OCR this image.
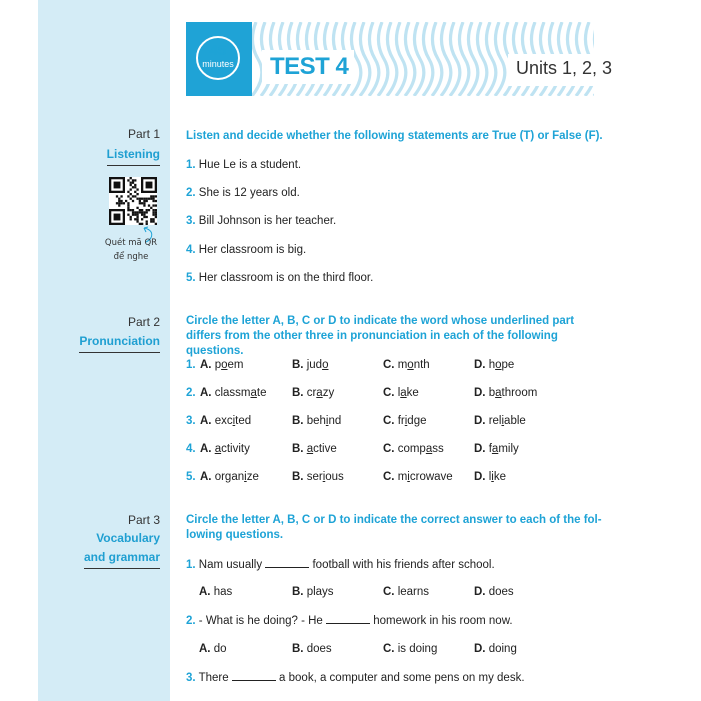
45
minutes TEST 4	Units 1, 2, 3
Part 1
Listening
Quét mã QR để nghe
Listen and decide whether the following statements are True (T) or False (F).
1. Hue Le is a student.
2. She is 12 years old.
3. Bill Johnson is her teacher.
4. Her classroom is big.
5. Her classroom is on the third floor.
Part 2
Pronunciation
Circle the letter A, B, C or D to indicate the word whose underlined part
differs from the other three in pronunciation in each of the following questions.
1. A. poem	B. judo	C. month	D. hope
2. A. classmate B. crazy	C. lake	D. bathroom
3. A. excited	B. behind	C. fridge	D. reliable
4. A. activity	B. active	C. compass	D. family
5. A. organize	B. serious	C. microwave D. like
Part 3
Vocabulary
and grammar
Circle the letter A, B, C or D to indicate the correct answer to each of the fol-
lowing questions.
1. Nam usually	football with his friends after school.
A. has	B. plays	C. learns	D. does
2. - What is he doing? - He	homework in his room now.
A. do	B. does	C. is doing	D. doing
3. There	a book, a computer and some pens on my desk.
